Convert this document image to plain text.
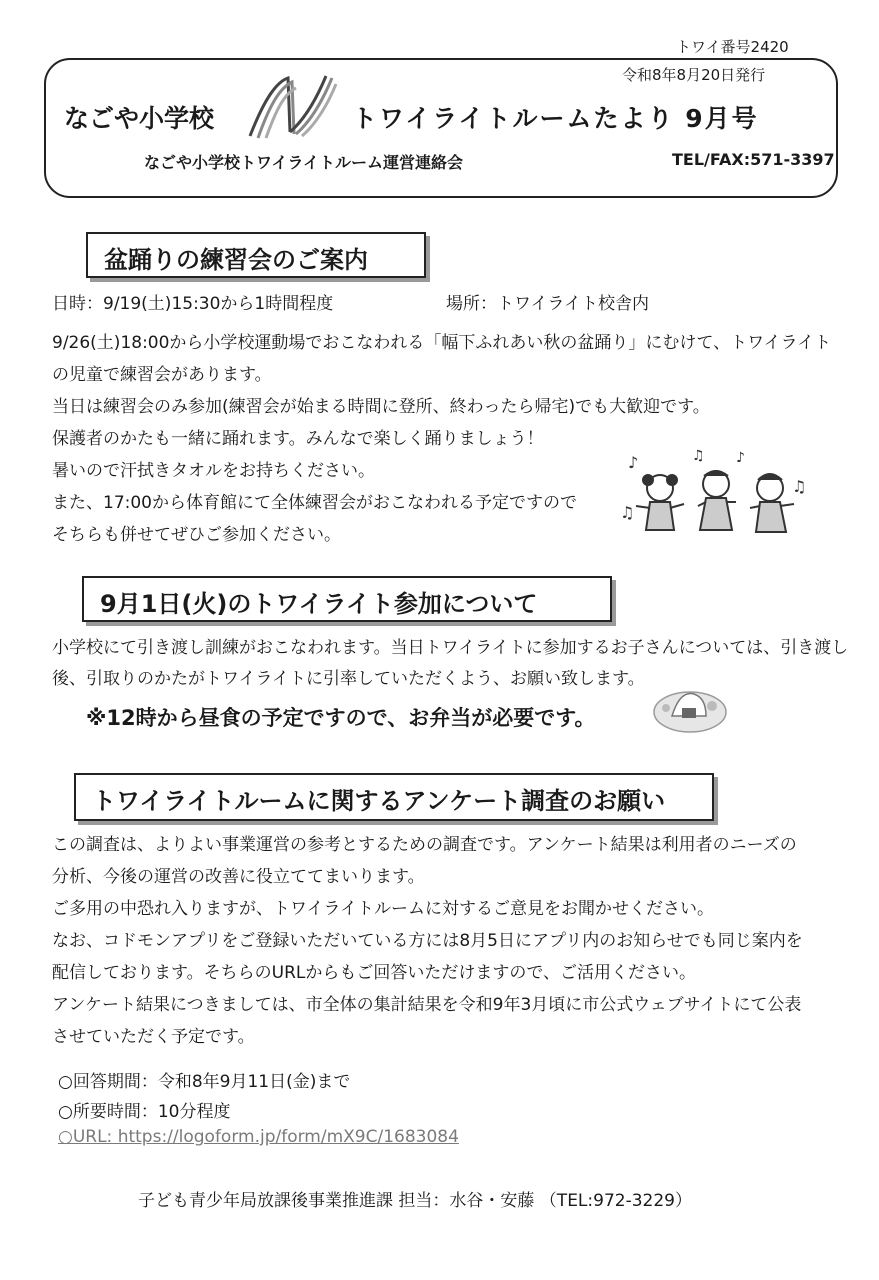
トワイ番号2420
令和8年8月20日発行
なごや小学校	トワイライトルームたより 9月号
なごや小学校トワイライトルーム運営連絡会	TEL/FAX:571-3397
盆踊りの練習会のご案内
日時：9/19(土)15:30から1時間程度	場所：トワイライト校舎内
9/26(土)18:00から小学校運動場でおこなわれる「幅下ふれあい秋の盆踊り」にむけて、トワイライト
の児童で練習会があります。
当日は練習会のみ参加(練習会が始まる時間に登所、終わったら帰宅)でも大歓迎です。
保護者のかたも一緒に踊れます。みんなで楽しく踊りましょう！
暑いので汗拭きタオルをお持ちください。
また、17:00から体育館にて全体練習会がおこなわれる予定ですので
そちらも併せてぜひご参加ください。
♪	♫ ♪
♫
♫
9月1日(火)のトワイライト参加について
小学校にて引き渡し訓練がおこなわれます。当日トワイライトに参加するお子さんについては、引き渡し
後、引取りのかたがトワイライトに引率していただくよう、お願い致します。
※12時から昼食の予定ですので、お弁当が必要です。
トワイライトルームに関するアンケート調査のお願い
この調査は、よりよい事業運営の参考とするための調査です。アンケート結果は利用者のニーズの
分析、今後の運営の改善に役立ててまいります。
ご多用の中恐れ入りますが、トワイライトルームに対するご意見をお聞かせください。
なお、コドモンアプリをご登録いただいている方には8月5日にアプリ内のお知らせでも同じ案内を
配信しております。そちらのURLからもご回答いただけますので、ご活用ください。
アンケート結果につきましては、市全体の集計結果を令和9年3月頃に市公式ウェブサイトにて公表
させていただく予定です。
○回答期間：令和8年9月11日(金)まで
○所要時間：10分程度
○URL: https://logoform.jp/form/mX9C/1683084
子ども青少年局放課後事業推進課 担当：水谷・安藤 （TEL:972-3229）
